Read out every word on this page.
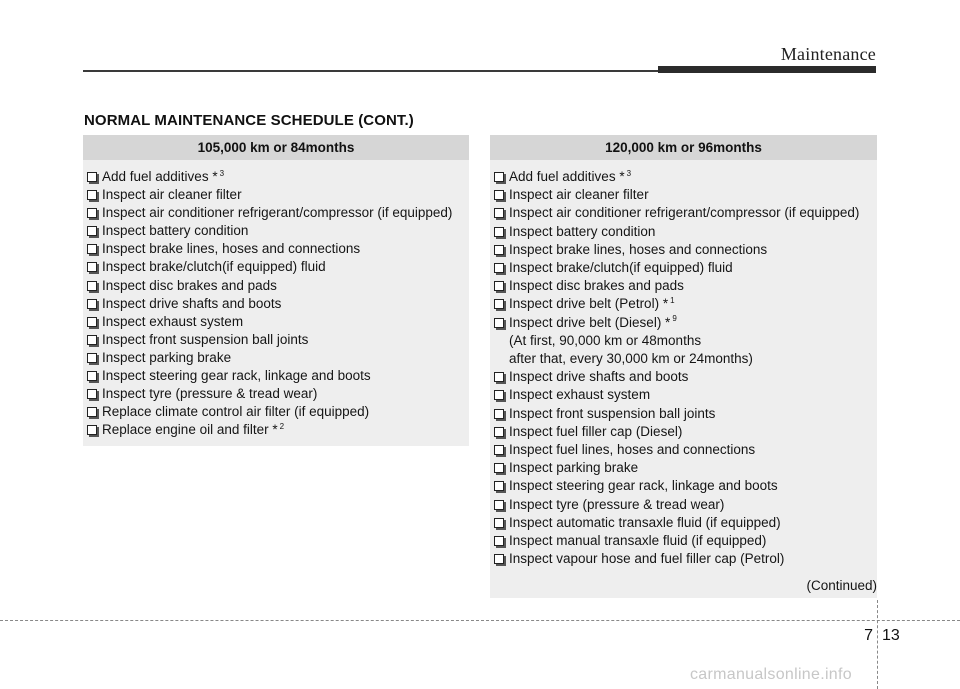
Maintenance
NORMAL MAINTENANCE SCHEDULE (CONT.)
105,000 km or 84months
Add fuel additives * $^3$
Inspect air cleaner filter
Inspect air conditioner refrigerant/compressor (if equipped)
Inspect battery condition
Inspect brake lines, hoses and connections
Inspect brake/clutch(if equipped) fluid
Inspect disc brakes and pads
Inspect drive shafts and boots
Inspect exhaust system
Inspect front suspension ball joints
Inspect parking brake
Inspect steering gear rack, linkage and boots
Inspect tyre (pressure & tread wear)
Replace climate control air filter (if equipped)
Replace engine oil and filter * $^2$
120,000 km or 96months
Add fuel additives * $^3$
Inspect air cleaner filter
Inspect air conditioner refrigerant/compressor (if equipped)
Inspect battery condition
Inspect brake lines, hoses and connections
Inspect brake/clutch(if equipped) fluid
Inspect disc brakes and pads
Inspect drive belt (Petrol) * $^1$
Inspect drive belt (Diesel) * $^9$
(At first, 90,000 km or 48months
after that, every 30,000 km or 24months)
Inspect drive shafts and boots
Inspect exhaust system
Inspect front suspension ball joints
Inspect fuel filler cap (Diesel)
Inspect fuel lines, hoses and connections
Inspect parking brake
Inspect steering gear rack, linkage and boots
Inspect tyre (pressure & tread wear)
Inspect automatic transaxle fluid (if equipped)
Inspect manual transaxle fluid (if equipped)
Inspect vapour hose and fuel filler cap (Petrol)
(Continued)
7 13
carmanualsonline.info
